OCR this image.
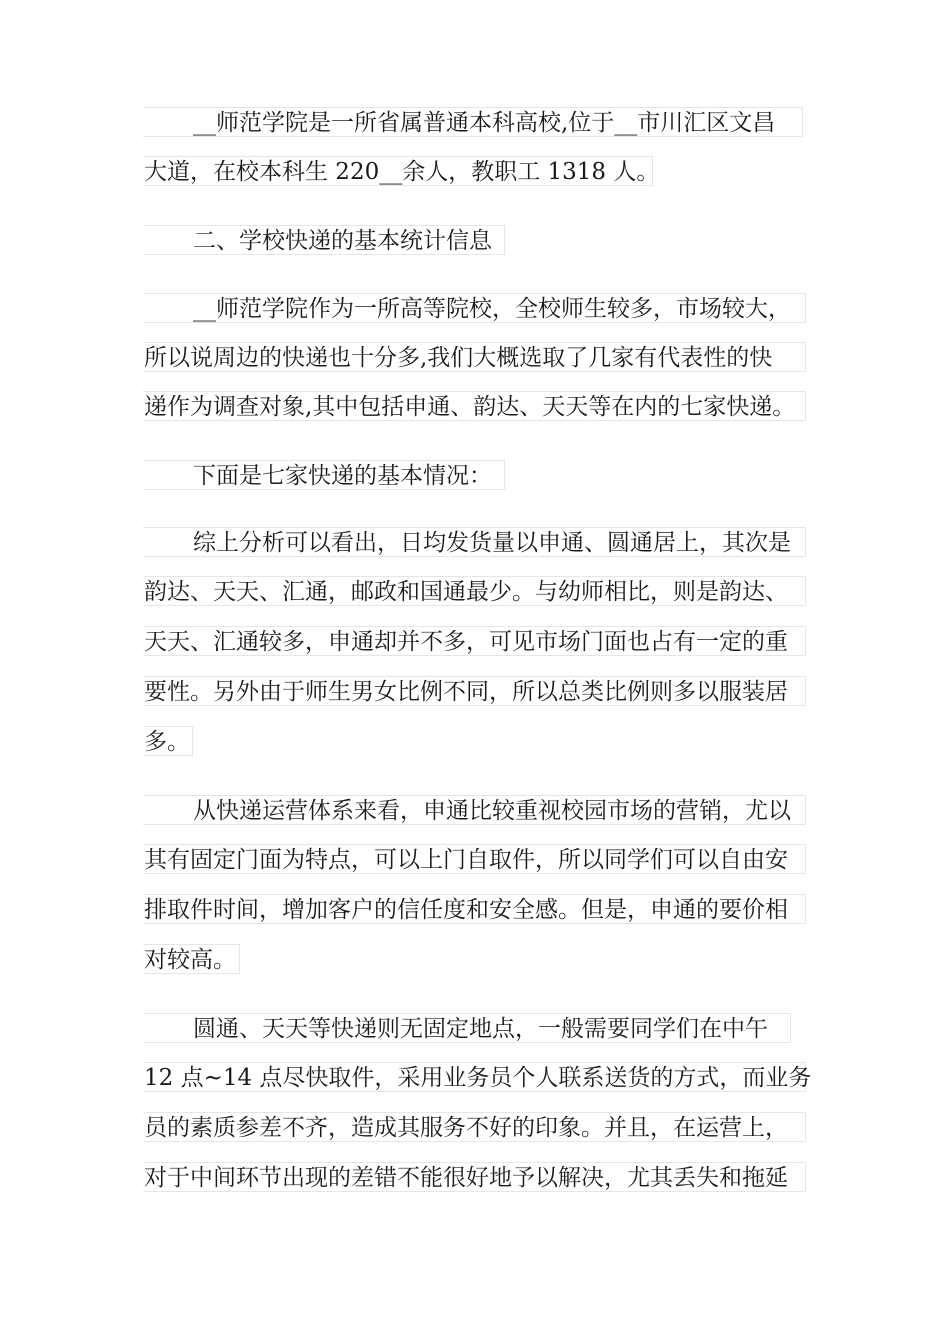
__师范学院是一所省属普通本科高校,位于__市川汇区文昌
大道，在校本科生 220__余人，教职工 1318 人。
二、学校快递的基本统计信息
__师范学院作为一所高等院校，全校师生较多，市场较大，
所以说周边的快递也十分多,我们大概选取了几家有代表性的快
递作为调查对象,其中包括申通、韵达、天天等在内的七家快递。
下面是七家快递的基本情况：
综上分析可以看出，日均发货量以申通、圆通居上，其次是
韵达、天天、汇通，邮政和国通最少。与幼师相比，则是韵达、
天天、汇通较多，申通却并不多，可见市场门面也占有一定的重
要性。另外由于师生男女比例不同，所以总类比例则多以服装居
多。
从快递运营体系来看，申通比较重视校园市场的营销，尤以
其有固定门面为特点，可以上门自取件，所以同学们可以自由安
排取件时间，增加客户的信任度和安全感。但是，申通的要价相
对较高。
圆通、天天等快递则无固定地点，一般需要同学们在中午
12 点~14 点尽快取件，采用业务员个人联系送货的方式，而业务
员的素质参差不齐，造成其服务不好的印象。并且，在运营上，
对于中间环节出现的差错不能很好地予以解决，尤其丢失和拖延
